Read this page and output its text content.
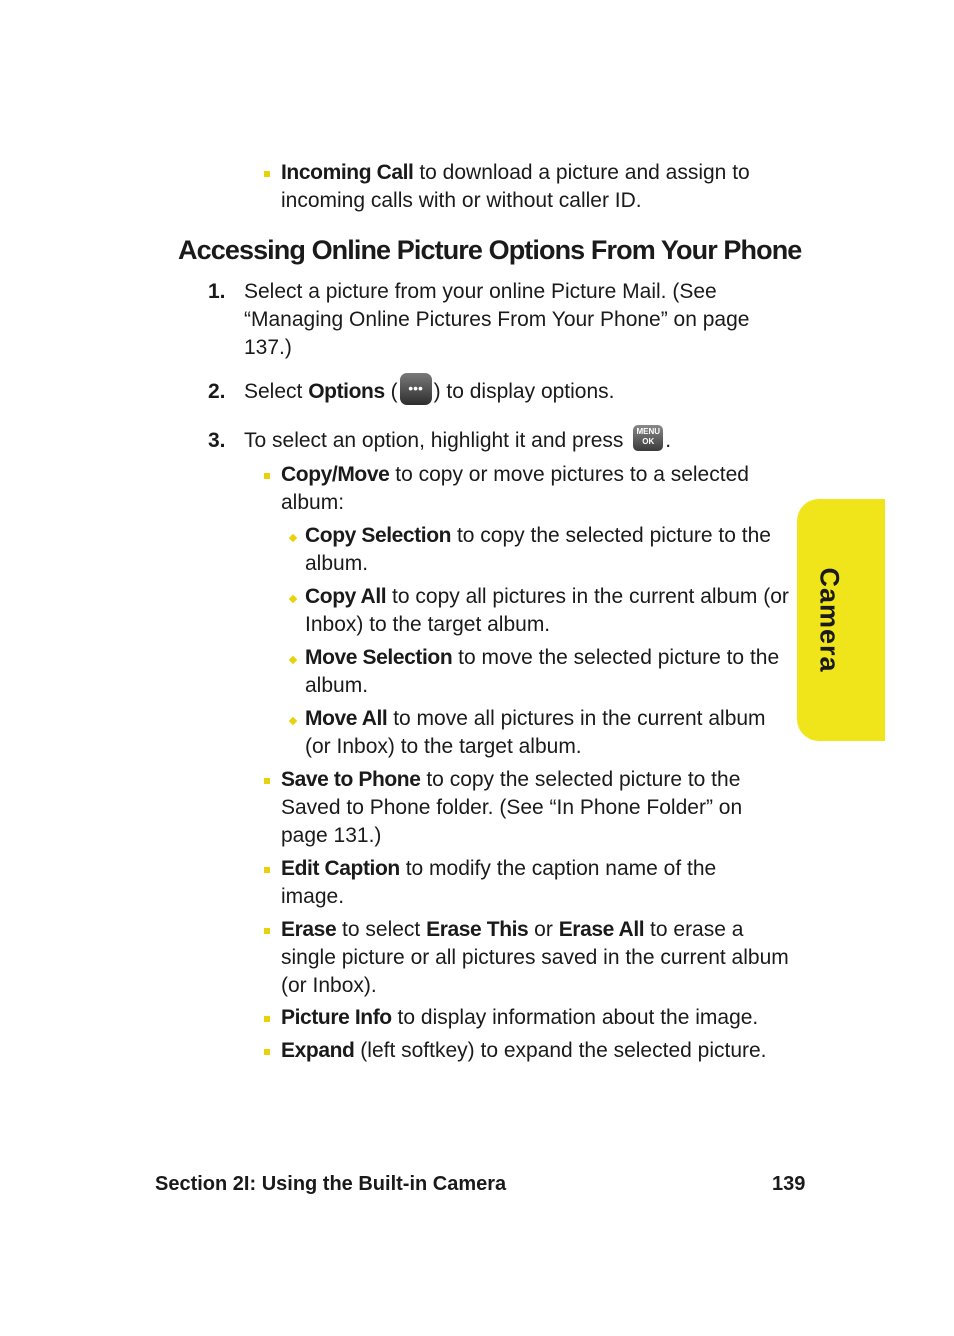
Incoming Call to download a picture and assign to incoming calls with or without caller ID.
Accessing Online Picture Options From Your Phone
1. Select a picture from your online Picture Mail. (See “Managing Online Pictures From Your Phone” on page 137.)
2. Select Options ( ••• ) to display options.
3. To select an option, highlight it and press MENU
OK .
Copy/Move to copy or move pictures to a selected album:
Copy Selection to copy the selected picture to the album.
Copy All to copy all pictures in the current album (or Inbox) to the target album.
Move Selection to move the selected picture to the album.
Move All to move all pictures in the current album (or Inbox) to the target album.
Save to Phone to copy the selected picture to the Saved to Phone folder. (See “In Phone Folder” on page 131.)
Edit Caption to modify the caption name of the image.
Erase to select Erase This or Erase All to erase a single picture or all pictures saved in the current album (or Inbox).
Picture Info to display information about the image.
Expand (left softkey) to expand the selected picture.
Camera
Section 2I: Using the Built-in Camera	139
